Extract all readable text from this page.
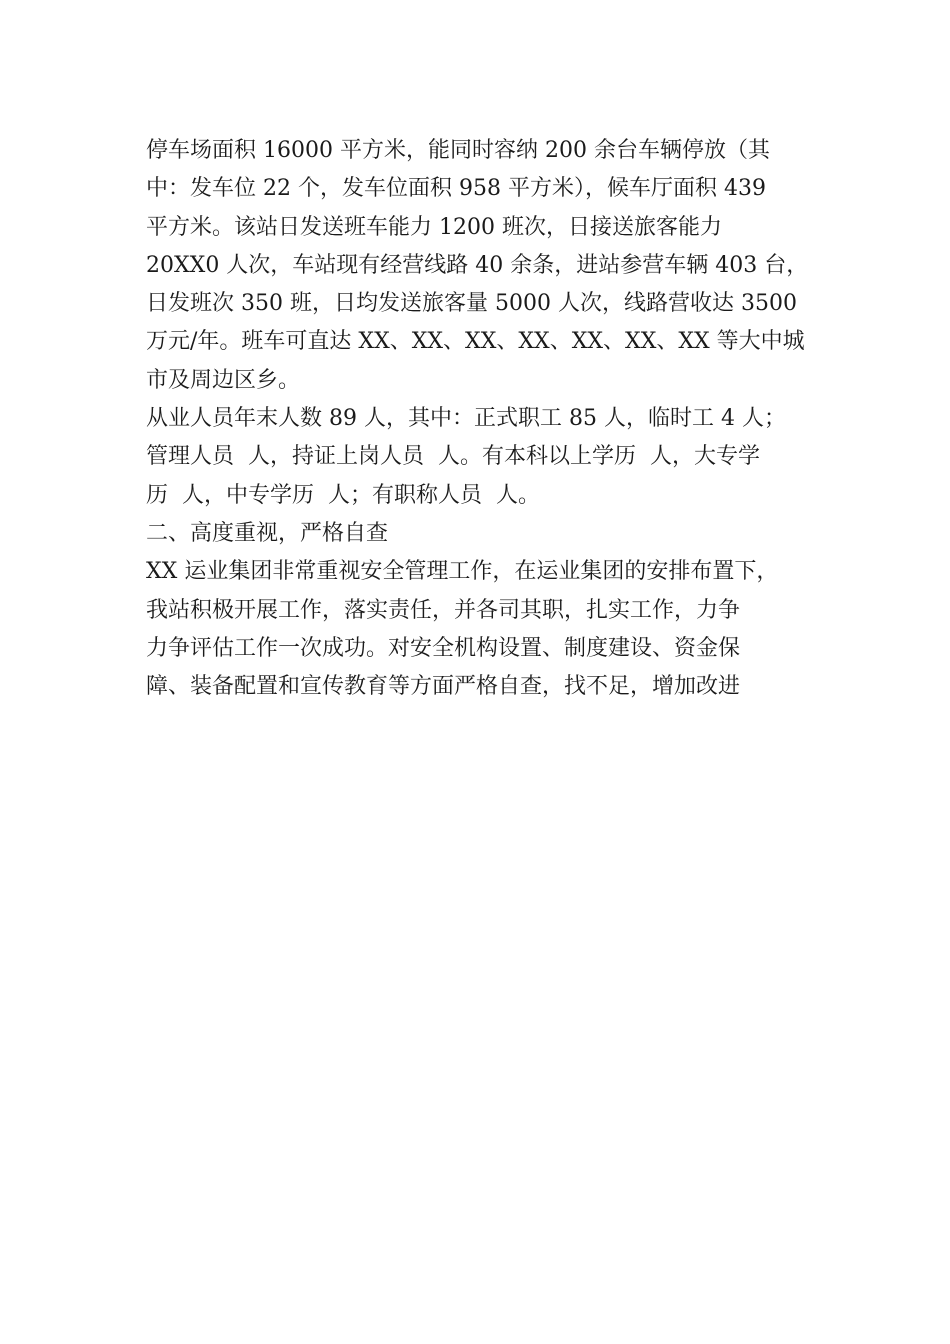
停车场面积 16000 平方米，能同时容纳 200 余台车辆停放（其
中：发车位 22 个，发车位面积 958 平方米），候车厅面积 439
平方米。该站日发送班车能力 1200 班次，日接送旅客能力
20XX0 人次，车站现有经营线路 40 余条，进站参营车辆 403 台，
日发班次 350 班，日均发送旅客量 5000 人次，线路营收达 3500
万元/年。班车可直达 XX、XX、XX、XX、XX、XX、XX 等大中城
市及周边区乡。
从业人员年末人数 89 人，其中：正式职工 85 人，临时工 4 人；
管理人员  人，持证上岗人员  人。有本科以上学历  人，大专学
历  人，中专学历  人；有职称人员  人。
二、高度重视，严格自查
XX 运业集团非常重视安全管理工作，在运业集团的安排布置下，
我站积极开展工作，落实责任，并各司其职，扎实工作，力争
力争评估工作一次成功。对安全机构设置、制度建设、资金保
障、装备配置和宣传教育等方面严格自查，找不足，增加改进
